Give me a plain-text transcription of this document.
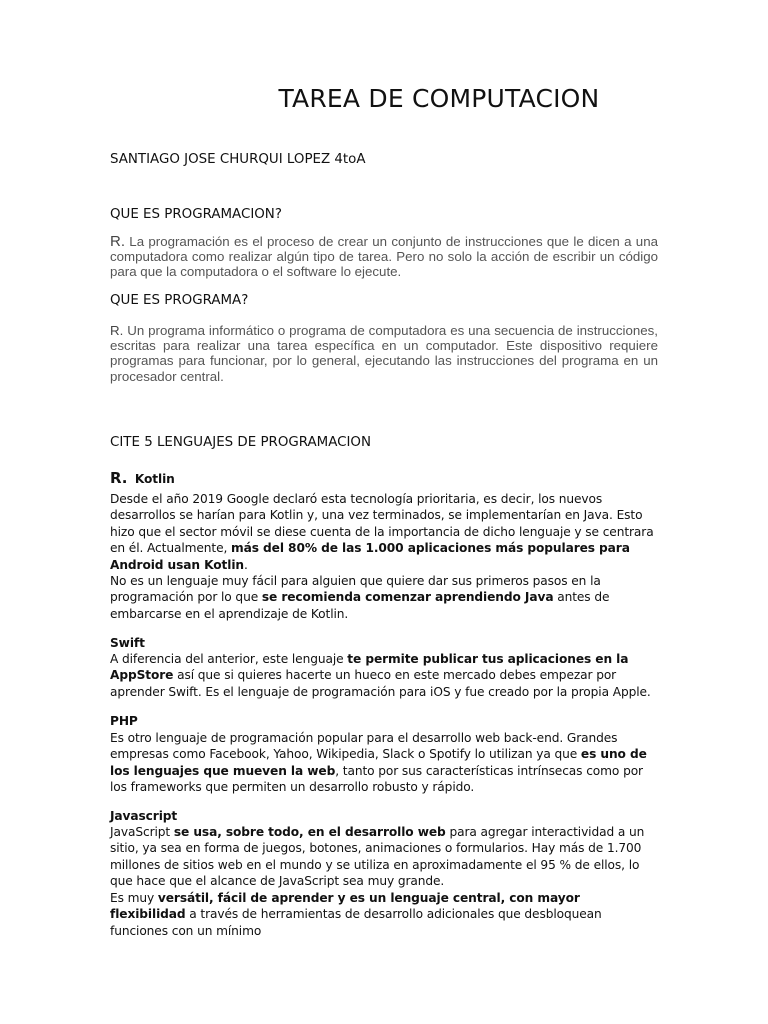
TAREA DE COMPUTACION
SANTIAGO JOSE CHURQUI LOPEZ 4toA
QUE ES PROGRAMACION?

R. La programación es el proceso de crear un conjunto de instrucciones que le dicen a una computadora como realizar algún tipo de tarea. Pero no solo la acción de escribir un código para que la computadora o el software lo ejecute.

QUE ES PROGRAMA?

R. Un programa informático o programa de computadora es una secuencia de instrucciones, escritas para realizar una tarea específica en un computador. Este dispositivo requiere programas para funcionar, por lo general, ejecutando las instrucciones del programa en un procesador central.

CITE 5 LENGUAJES DE PROGRAMACION
R. Kotlin

Desde el año 2019 Google declaró esta tecnología prioritaria, es decir, los nuevos desarrollos se harían para Kotlin y, una vez terminados, se implementarían en Java. Esto hizo que el sector móvil se diese cuenta de la importancia de dicho lenguaje y se centrara en él. Actualmente, más del 80% de las 1.000 aplicaciones más populares para Android usan Kotlin.

No es un lenguaje muy fácil para alguien que quiere dar sus primeros pasos en la programación por lo que se recomienda comenzar aprendiendo Java antes de embarcarse en el aprendizaje de Kotlin.

Swift

A diferencia del anterior, este lenguaje te permite publicar tus aplicaciones en la AppStore así que si quieres hacerte un hueco en este mercado debes empezar por aprender Swift. Es el lenguaje de programación para iOS y fue creado por la propia Apple.

PHP

Es otro lenguaje de programación popular para el desarrollo web back-end. Grandes empresas como Facebook, Yahoo, Wikipedia, Slack o Spotify lo utilizan ya que es uno de los lenguajes que mueven la web, tanto por sus características intrínsecas como por los frameworks que permiten un desarrollo robusto y rápido.

Javascript

JavaScript se usa, sobre todo, en el desarrollo web para agregar interactividad a un sitio, ya sea en forma de juegos, botones, animaciones o formularios. Hay más de 1.700 millones de sitios web en el mundo y se utiliza en aproximadamente el 95 % de ellos, lo que hace que el alcance de JavaScript sea muy grande.

Es muy versátil, fácil de aprender y es un lenguaje central, con mayor flexibilidad a través de herramientas de desarrollo adicionales que desbloquean funciones con un mínimo
